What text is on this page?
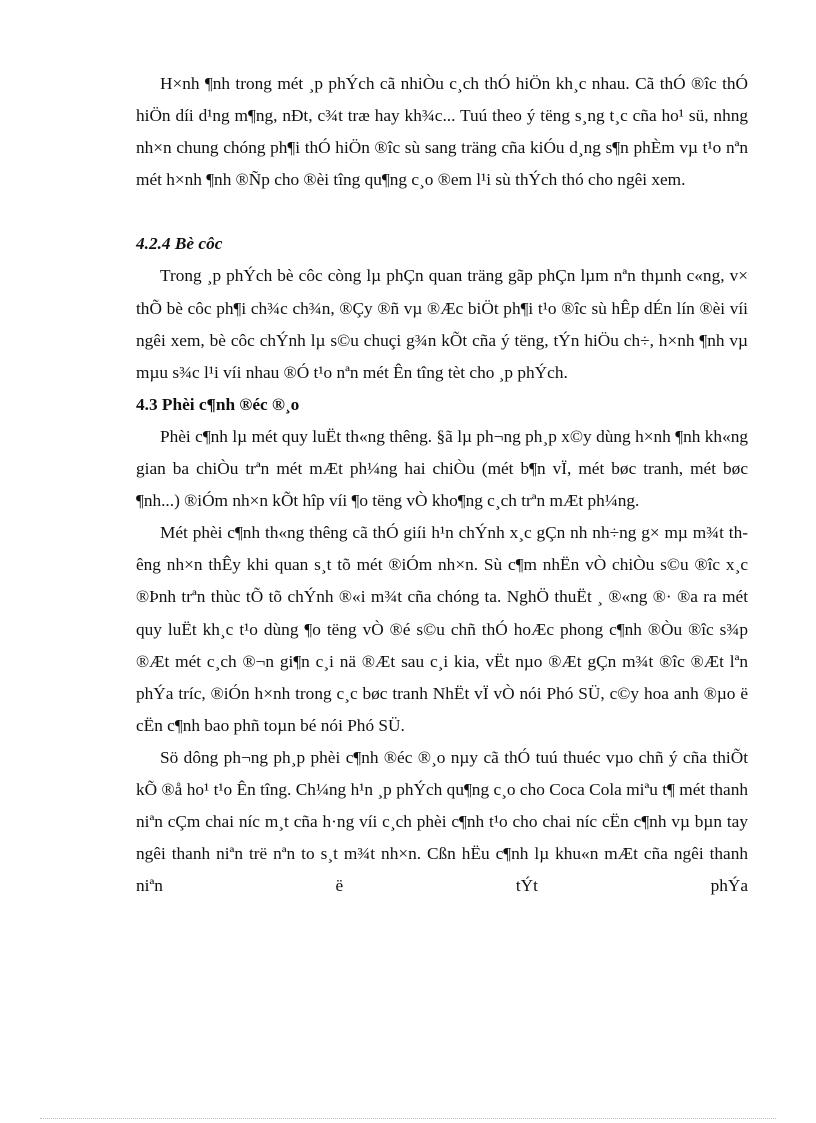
H×nh ¶nh trong mét ¸p phÝch cã nhiÒu c¸ch thÓ hiÖn kh¸c nhau. Cã thÓ ®îc thÓ hiÖn díi d¹ng m¶ng, nÐt, c¾t træ hay kh¾c... Tuú theo ý tëng s¸ng t¸c cña ho¹ sü, nhng nh×n chung chóng ph¶i thÓ hiÖn ®îc sù sang träng cña kiÓu d¸ng s¶n phÈm vµ t¹o nªn mét h×nh ¶nh ®Ñp cho ®èi tîng qu¶ng c¸o ®em l¹i sù thÝch thó cho ngêi xem.

4.2.4 Bè côc

Trong ¸p phÝch bè côc còng lµ phÇn quan träng gãp phÇn lµm nªn thµnh c«ng, v× thÕ bè côc ph¶i ch¾c ch¾n, ®Çy ®ñ vµ ®Æc biÖt ph¶i t¹o ®îc sù hÊp dÉn lín ®èi víi ngêi xem, bè côc chÝnh lµ s©u chuçi g¾n kÕt cña ý tëng, tÝn hiÖu ch÷, h×nh ¶nh vµ mµu s¾c l¹i víi nhau ®Ó t¹o nªn mét Ên tîng tèt cho ¸p phÝch.

4.3 Phèi c¶nh ®éc ®¸o

Phèi c¶nh lµ mét quy luËt th«ng thêng. §ã lµ ph¬ng ph¸p x©y dùng h×nh ¶nh kh«ng gian ba chiÒu trªn mét mÆt ph¼ng hai chiÒu (mét b¶n vÏ, mét bøc tranh, mét bøc ¶nh...) ®iÓm nh×n kÕt hîp víi ¶o tëng vÒ kho¶ng c¸ch trªn mÆt ph¼ng.

Mét phèi c¶nh th«ng thêng cã thÓ giíi h¹n chÝnh x¸c gÇn nh nh÷ng g× mµ m¾t thêng nh×n thÊy khi quan s¸t tõ mét ®iÓm nh×n. Sù c¶m nhËn vÒ chiÒu s©u ®îc x¸c ®Þnh trªn thùc tÕ tõ chÝnh ®«i m¾t cña chóng ta. NghÖ thuËt ¸ ®«ng ®· ®a ra mét quy luËt kh¸c t¹o dùng ¶o tëng vÒ ®é s©u chñ thÓ hoÆc phong c¶nh ®Òu ®îc s¾p ®Æt mét c¸ch ®¬n gi¶n c¸i nä ®Æt sau c¸i kia, vËt nµo ®Æt gÇn m¾t ®îc ®Æt lªn phÝa tríc, ®iÓn h×nh trong c¸c bøc tranh NhËt vÏ vÒ nói Phó SÜ, c©y hoa anh ®µo ë cËn c¶nh bao phñ toµn bé nói Phó SÜ.

Sö dông ph¬ng ph¸p phèi c¶nh ®éc ®¸o nµy cã thÓ tuú thuéc vµo chñ ý cña thiÕt kÕ ®å ho¹ t¹o Ên tîng. Ch¼ng h¹n ¸p phÝch qu¶ng c¸o cho Coca Cola miªu t¶ mét thanh niªn cÇm chai níc m¸t cña h·ng víi c¸ch phèi c¶nh t¹o cho chai níc cËn c¶nh vµ bµn tay ngêi thanh niªn trë nªn to s¸t m¾t nh×n. Cßn hËu c¶nh lµ khu«n mÆt cña ngêi thanh niªn ë tÝt phÝa
